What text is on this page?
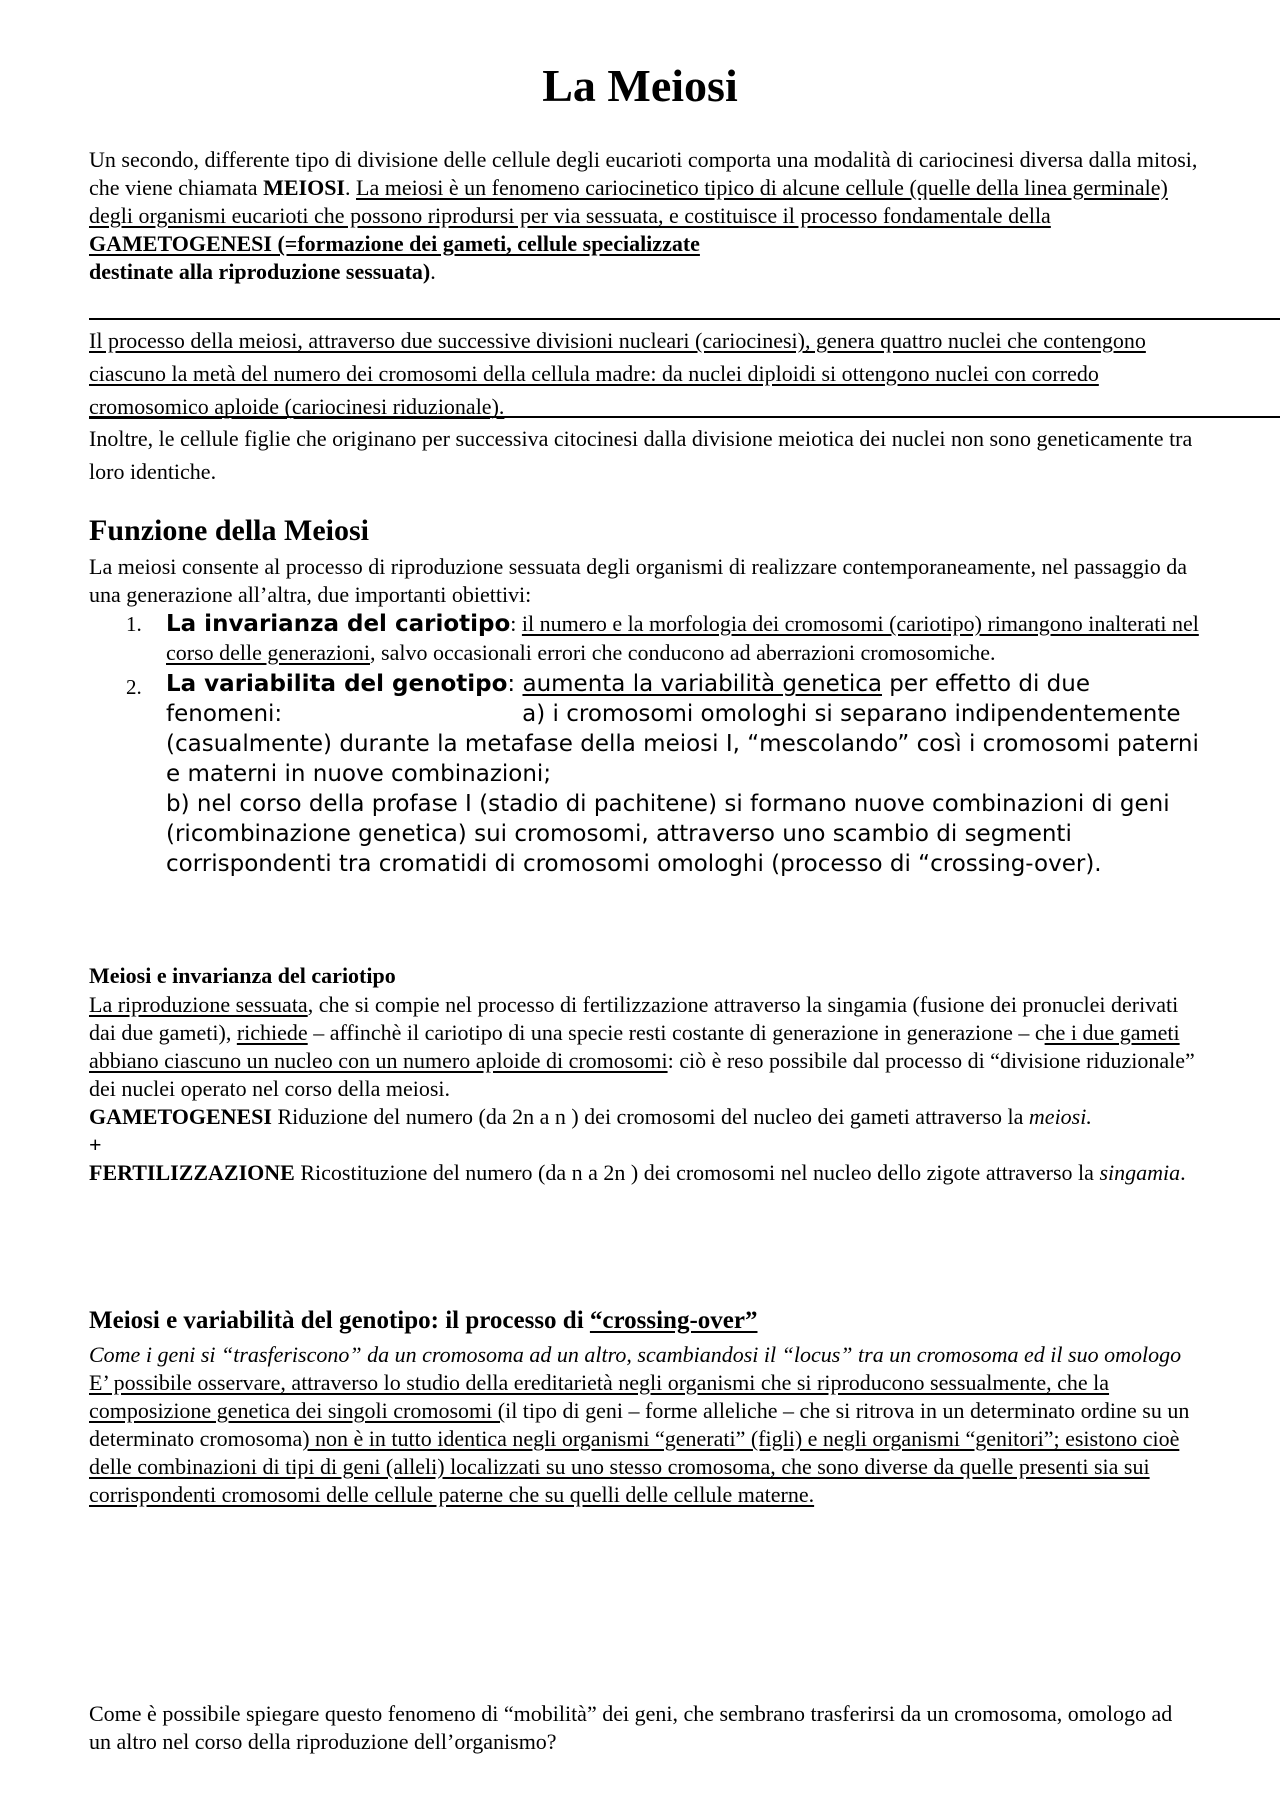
La Meiosi

Un secondo, differente tipo di divisione delle cellule degli eucarioti comporta una modalità di cariocinesi diversa dalla mitosi, che viene chiamata MEIOSI. La meiosi è un fenomeno cariocinetico tipico di alcune cellule (quelle della linea germinale) degli organismi eucarioti che possono riprodursi per via sessuata, e costituisce il processo fondamentale della GAMETOGENESI (=formazione dei gameti, cellule specializzate
destinate alla riproduzione sessuata).

Il processo della meiosi, attraverso due successive divisioni nucleari (cariocinesi), genera quattro nuclei che contengono ciascuno la metà del numero dei cromosomi della cellula madre: da nuclei diploidi si ottengono nuclei con corredo cromosomico aploide (cariocinesi riduzionale).

Inoltre, le cellule figlie che originano per successiva citocinesi dalla divisione meiotica dei nuclei non sono geneticamente tra loro identiche.

Funzione della Meiosi

La meiosi consente al processo di riproduzione sessuata degli organismi di realizzare contemporaneamente, nel passaggio da una generazione all’altra, due importanti obiettivi:

1. La invarianza del cariotipo: il numero e la morfologia dei cromosomi (cariotipo) rimangono inalterati nel corso delle generazioni, salvo occasionali errori che conducono ad aberrazioni cromosomiche.
2. La variabilita del genotipo: aumenta la variabilità genetica per effetto di due fenomeni:	a) i cromosomi omologhi si separano indipendentemente (casualmente) durante la metafase della meiosi I, “mescolando” così i cromosomi paterni e materni in nuove combinazioni;
b) nel corso della profase I (stadio di pachitene) si formano nuove combinazioni di geni (ricombinazione genetica) sui cromosomi, attraverso uno scambio di segmenti corrispondenti tra cromatidi di cromosomi omologhi (processo di “crossing-over).
Meiosi e invarianza del cariotipo

La riproduzione sessuata, che si compie nel processo di fertilizzazione attraverso la singamia (fusione dei pronuclei derivati dai due gameti), richiede – affinchè il cariotipo di una specie resti costante di generazione in generazione – che i due gameti abbiano ciascuno un nucleo con un numero aploide di cromosomi: ciò è reso possibile dal processo di “divisione riduzionale” dei nuclei operato nel corso della meiosi.
GAMETOGENESI Riduzione del numero (da 2n a n ) dei cromosomi del nucleo dei gameti attraverso la meiosi.
+
FERTILIZZAZIONE Ricostituzione del numero (da n a 2n ) dei cromosomi nel nucleo dello zigote attraverso la singamia.

Meiosi e variabilità del genotipo: il processo di “crossing-over”

Come i geni si “trasferiscono” da un cromosoma ad un altro, scambiandosi il “locus” tra un cromosoma ed il suo omologo
E’ possibile osservare, attraverso lo studio della ereditarietà negli organismi che si riproducono sessualmente, che la composizione genetica dei singoli cromosomi (il tipo di geni – forme alleliche – che si ritrova in un determinato ordine su un determinato cromosoma) non è in tutto identica negli organismi “generati” (figli) e negli organismi “genitori”; esistono cioè delle combinazioni di tipi di geni (alleli) localizzati su uno stesso cromosoma, che sono diverse da quelle presenti sia sui corrispondenti cromosomi delle cellule paterne che su quelli delle cellule materne.

Come è possibile spiegare questo fenomeno di “mobilità” dei geni, che sembrano trasferirsi da un cromosoma, omologo ad un altro nel corso della riproduzione dell’organismo?
